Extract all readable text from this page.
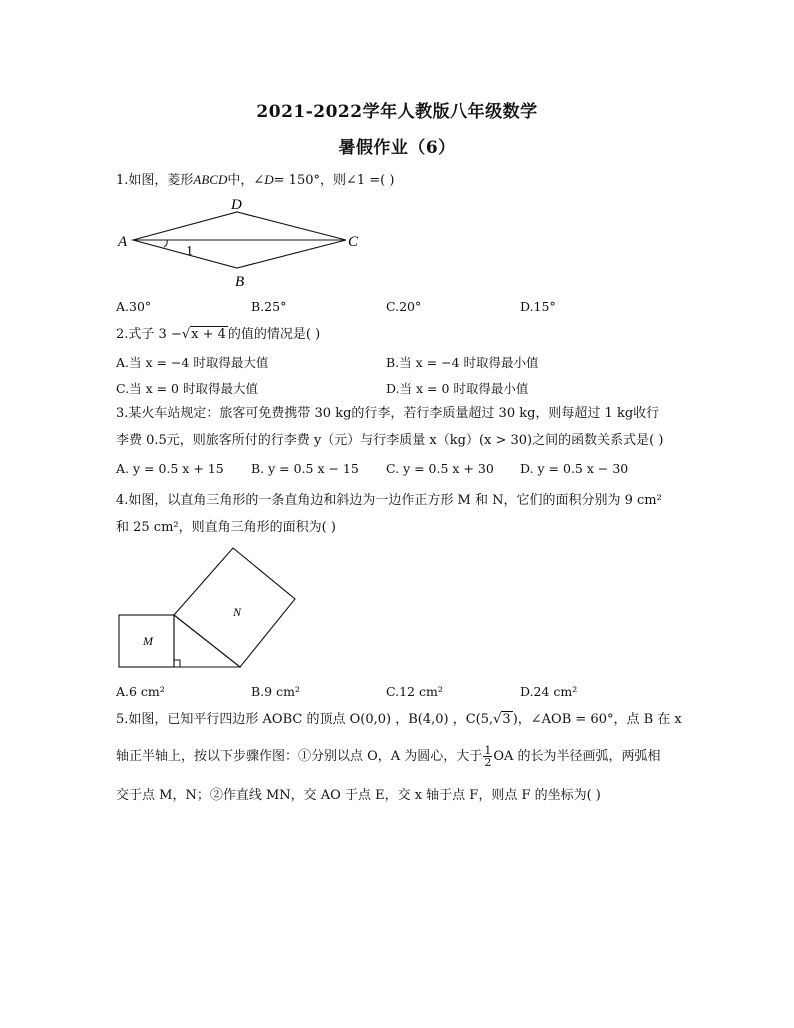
2021-2022学年人教版八年级数学
暑假作业（6）
1.如图，菱形ABCD中，∠D= 150°，则∠1 =( )
A
D
C
B
1
A.30°	B.25°	C.20°	D.15°
2.式子 3 −√x + 4 的值的情况是( )
A.当 x = −4 时取得最大值	B.当 x = −4 时取得最小值
C.当 x = 0 时取得最大值	D.当 x = 0 时取得最小值
3.某火车站规定：旅客可免费携带 30 kg的行李，若行李质量超过 30 kg，则每超过 1 kg收行
李费 0.5元，则旅客所付的行李费 y（元）与行李质量 x（kg）(x > 30)之间的函数关系式是( )
A. y = 0.5 x + 15 B. y = 0.5 x − 15 C. y = 0.5 x + 30 D. y = 0.5 x − 30
4.如图，以直角三角形的一条直角边和斜边为一边作正方形 M 和 N，它们的面积分别为 9 cm²
和 25 cm²，则直角三角形的面积为( )
M
N
A.6 cm²	B.9 cm²	C.12 cm²	D.24 cm²
5.如图，已知平行四边形 AOBC 的顶点 O(0,0) ，B(4,0) ，C(5,√3 )，∠AOB = 60°，点 B 在 x
轴正半轴上，按以下步骤作图：①分别以点 O，A 为圆心，大于 $\frac{1}{2}$ OA 的长为半径画弧，两弧相
交于点 M，N；②作直线 MN，交 AO 于点 E，交 x 轴于点 F，则点 F 的坐标为( )
